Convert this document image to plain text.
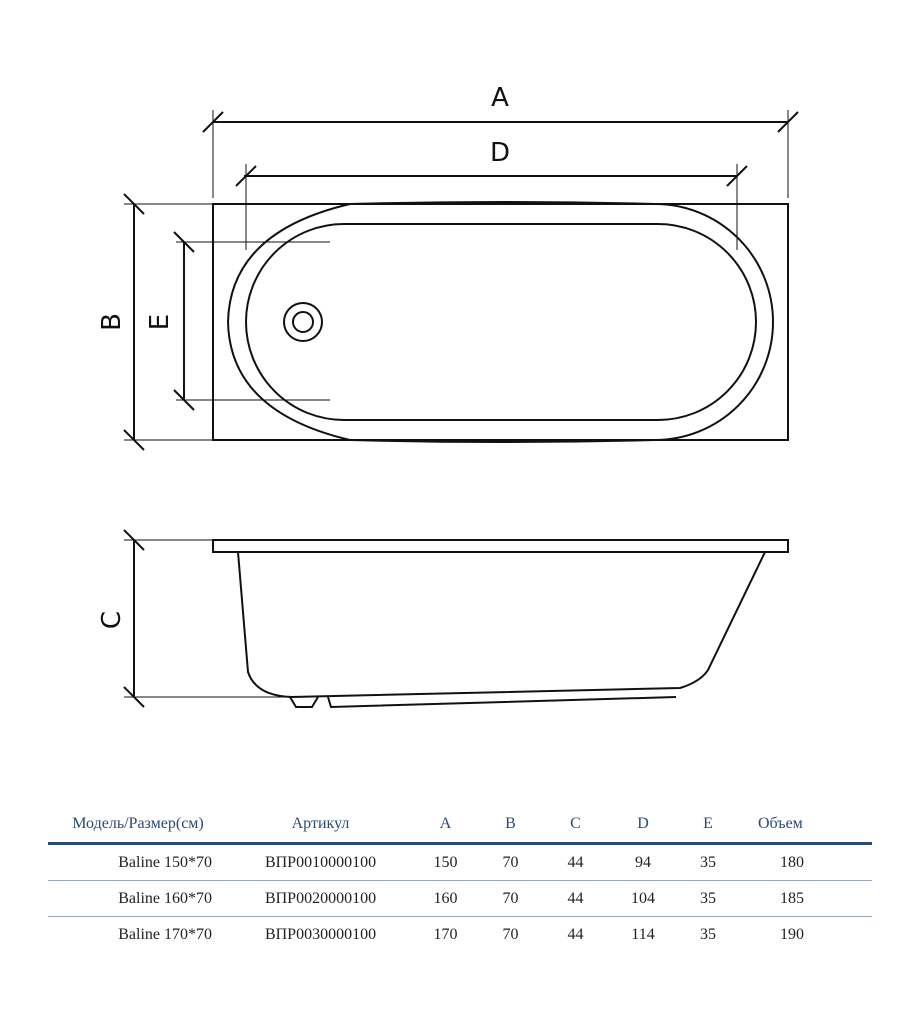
A
D
B E
C
Модель/Размер(см)	Артикул	A	B	C	D	E	Объем
Baline 150*70	ВПР0010000100	150	70	44	94	35	180
Baline 160*70	ВПР0020000100	160	70	44	104	35	185
Baline 170*70	ВПР0030000100	170	70	44	114	35	190
